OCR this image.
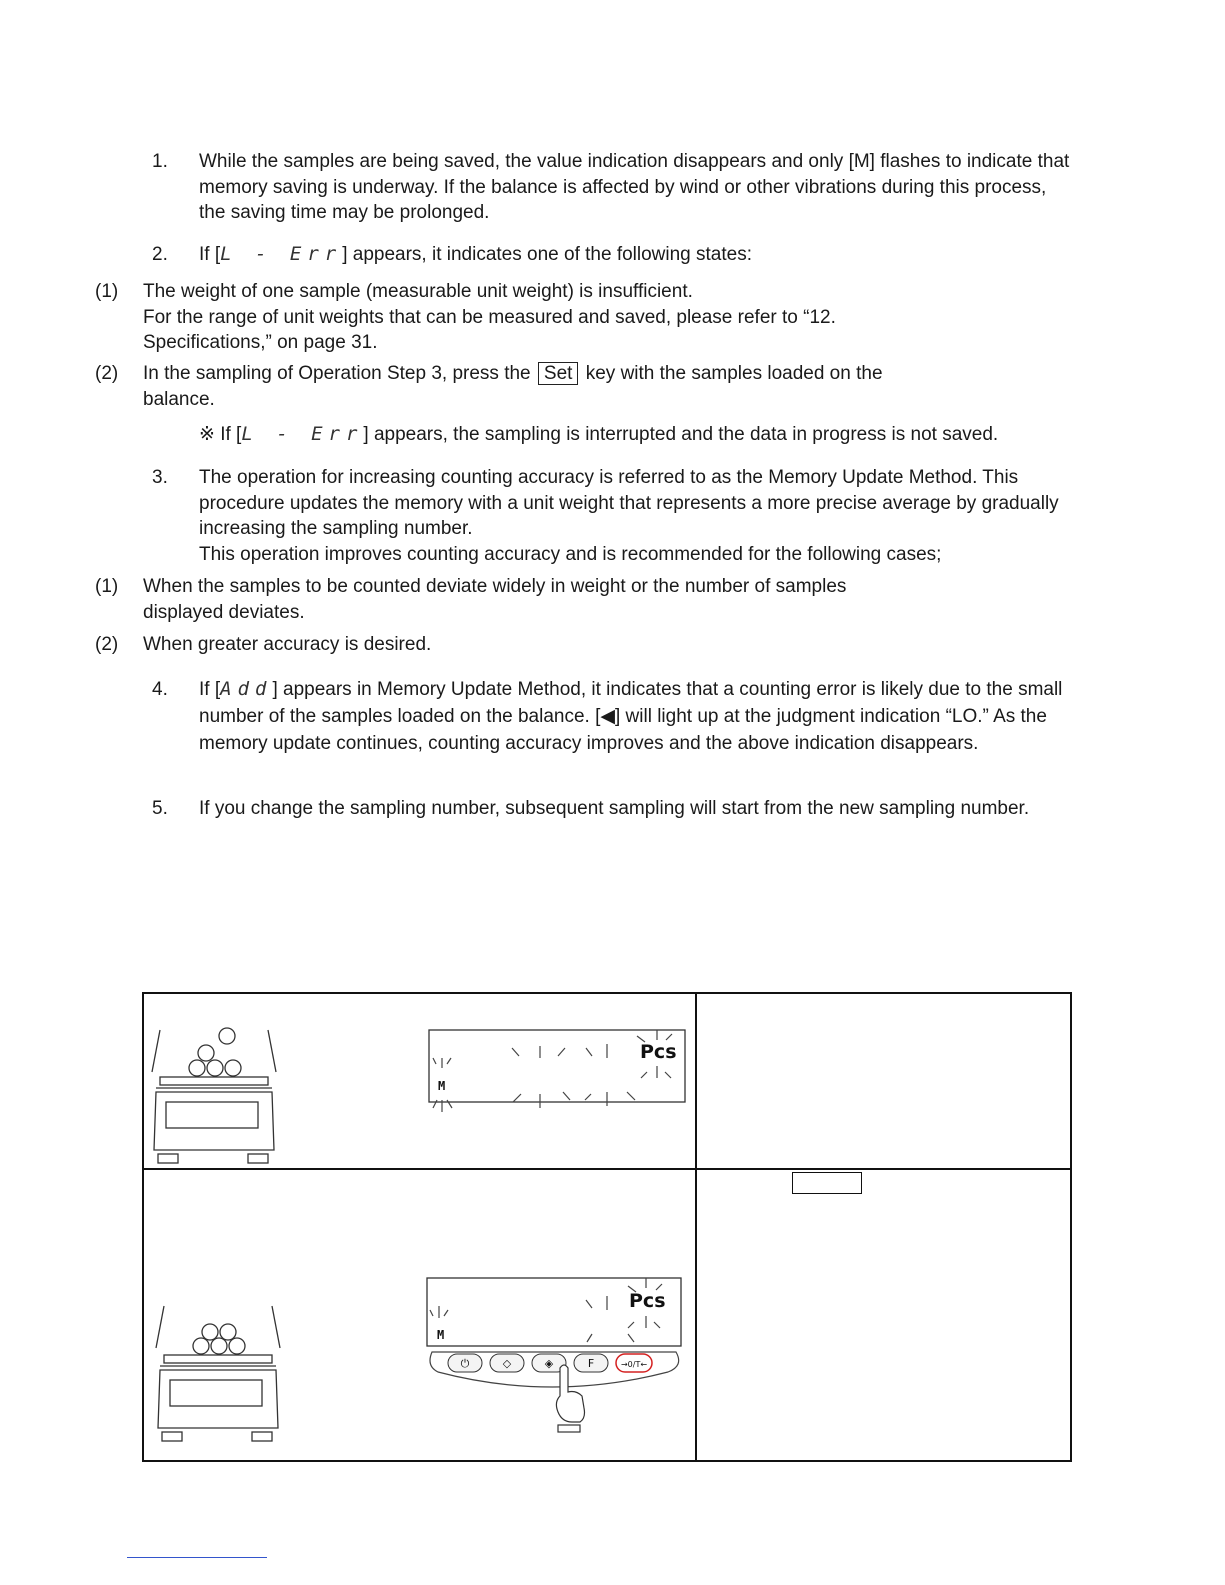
1. While the samples are being saved, the value indication disappears and only [M] flashes to indicate that memory saving is underway. If the balance is affected by wind or other vibrations during this process, the saving time may be prolonged.
2. If [L - Err] appears, it indicates one of the following states:
(1) The weight of one sample (measurable unit weight) is insufficient.
For the range of unit weights that can be measured and saved, please refer to “12. Specifications,” on page 31.
(2) In the sampling of Operation Step 3, press the Set key with the samples loaded on the balance.
※ If [L - Err] appears, the sampling is interrupted and the data in progress is not saved.
3. The operation for increasing counting accuracy is referred to as the Memory Update Method. This procedure updates the memory with a unit weight that represents a more precise average by gradually increasing the sampling number.
This operation improves counting accuracy and is recommended for the following cases;
(1) When the samples to be counted deviate widely in weight or the number of samples displayed deviates.
(2) When greater accuracy is desired.
4. If [Add] appears in Memory Update Method, it indicates that a counting error is likely due to the small number of the samples loaded on the balance. [◀] will light up at the judgment indication “LO.” As the memory update continues, counting accuracy improves and the above indication disappears.
5. If you change the sampling number, subsequent sampling will start from the new sampling number.
Pcs
M
Pcs
M
⏻	◇	◈	F	→0/T←
